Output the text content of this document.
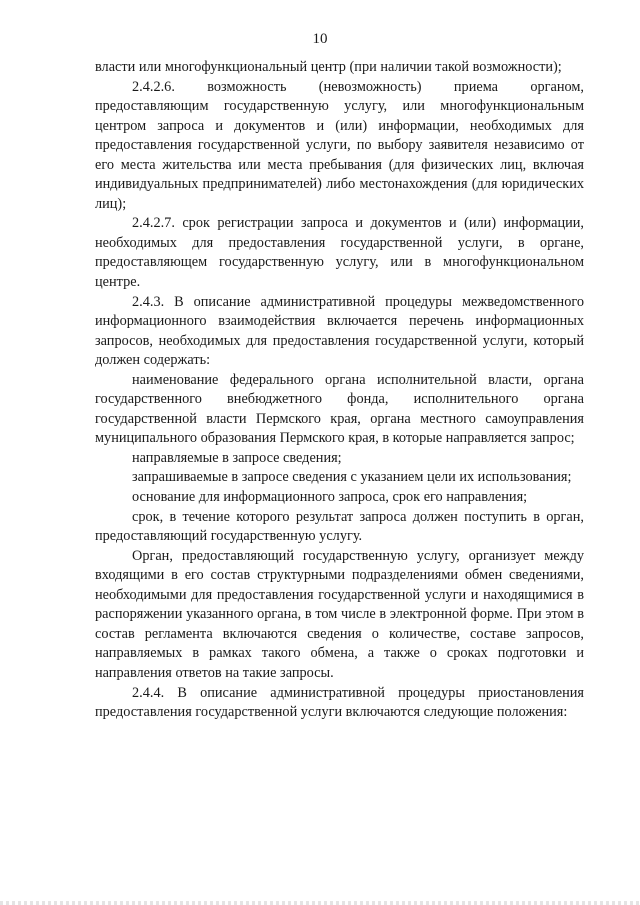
10

власти или многофункциональный центр (при наличии такой возможности);

2.4.2.6. возможность (невозможность) приема органом, предоставляющим государственную услугу, или многофункциональным центром запроса и документов и (или) информации, необходимых для предоставления государственной услуги, по выбору заявителя независимо от его места жительства или места пребывания (для физических лиц, включая индивидуальных предпринимателей) либо местонахождения (для юридических лиц);

2.4.2.7. срок регистрации запроса и документов и (или) информации, необходимых для предоставления государственной услуги, в органе, предоставляющем государственную услугу, или в многофункциональном центре.

2.4.3. В описание административной процедуры межведомственного информационного взаимодействия включается перечень информационных запросов, необходимых для предоставления государственной услуги, который должен содержать:

наименование федерального органа исполнительной власти, органа государственного внебюджетного фонда, исполнительного органа государственной власти Пермского края, органа местного самоуправления муниципального образования Пермского края, в которые направляется запрос;

направляемые в запросе сведения;

запрашиваемые в запросе сведения с указанием цели их использования;

основание для информационного запроса, срок его направления;

срок, в течение которого результат запроса должен поступить в орган, предоставляющий государственную услугу.

Орган, предоставляющий государственную услугу, организует между входящими в его состав структурными подразделениями обмен сведениями, необходимыми для предоставления государственной услуги и находящимися в распоряжении указанного органа, в том числе в электронной форме. При этом в состав регламента включаются сведения о количестве, составе запросов, направляемых в рамках такого обмена, а также о сроках подготовки и направления ответов на такие запросы.

2.4.4. В описание административной процедуры приостановления предоставления государственной услуги включаются следующие положения:
